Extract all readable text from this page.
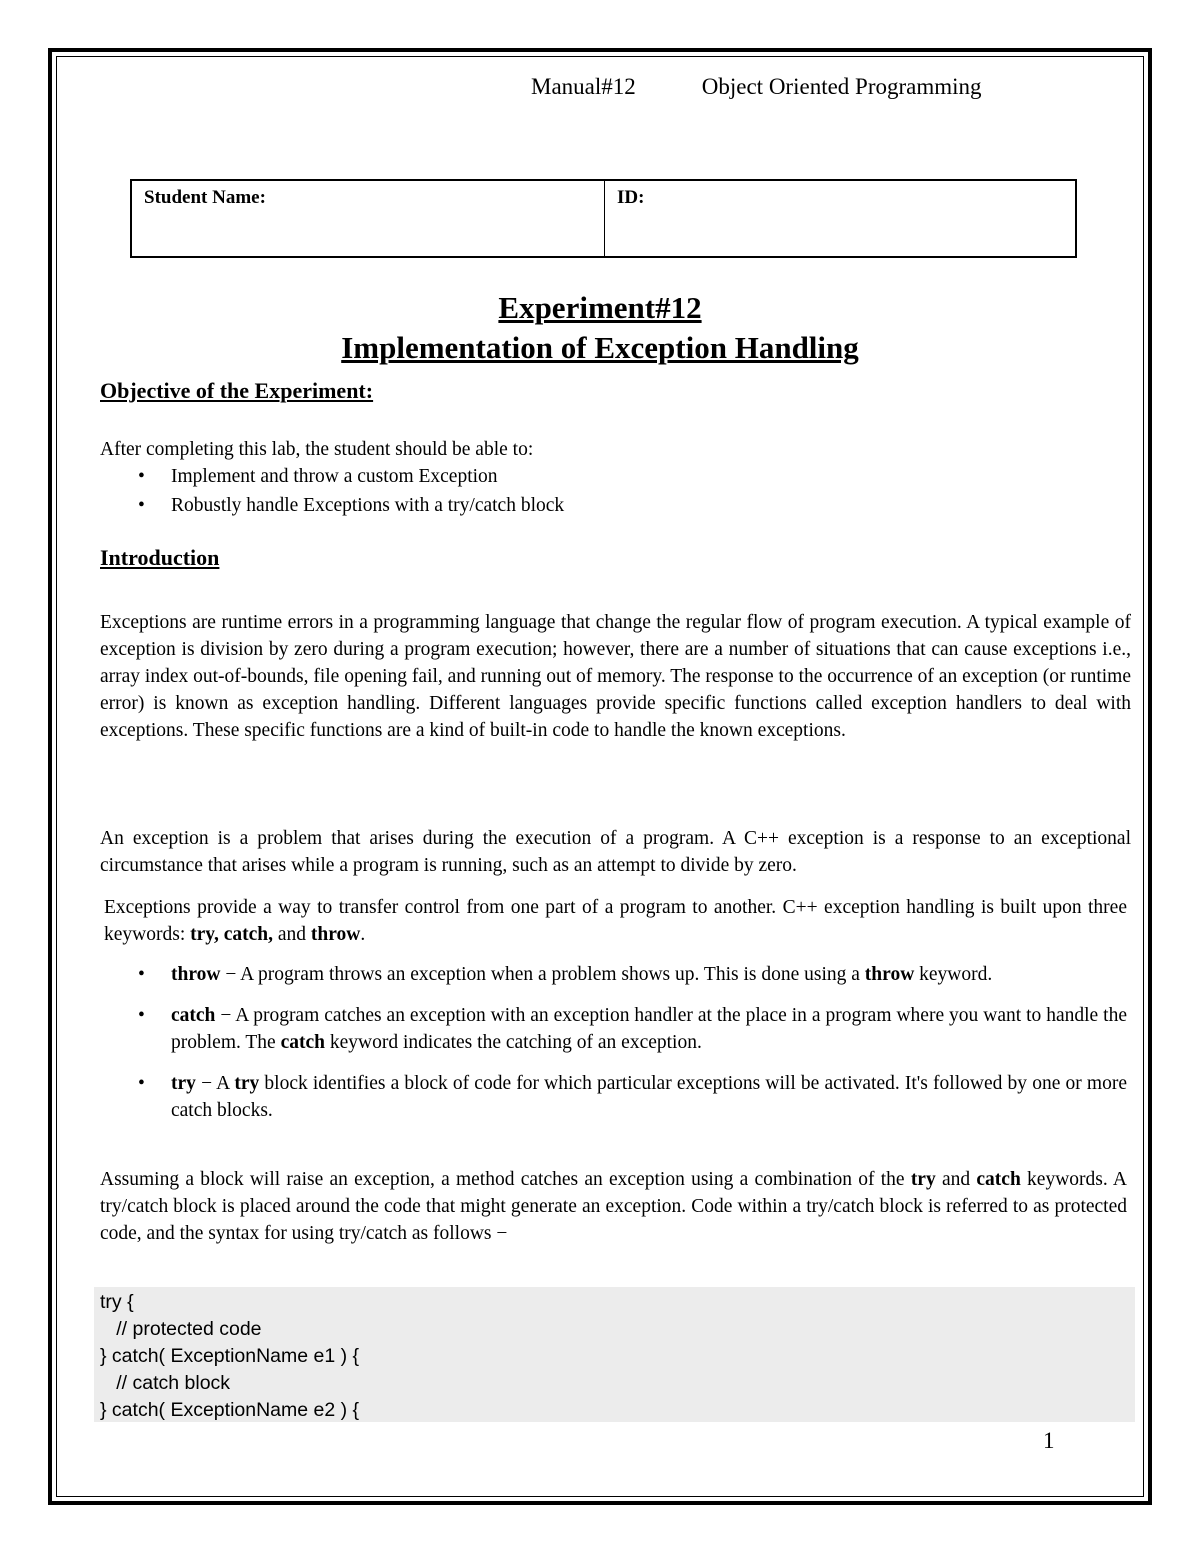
Manual#12	Object Oriented Programming
Student Name:	ID:
Experiment#12
Implementation of Exception Handling
Objective of the Experiment:
After completing this lab, the student should be able to:
• Implement and throw a custom Exception
• Robustly handle Exceptions with a try/catch block
Introduction
Exceptions are runtime errors in a programming language that change the regular flow of program execution. A typical example of exception is division by zero during a program execution; however, there are a number of situations that can cause exceptions i.e., array index out-of-bounds, file opening fail, and running out of memory. The response to the occurrence of an exception (or runtime error) is known as exception handling. Different languages provide specific functions called exception handlers to deal with exceptions. These specific functions are a kind of built-in code to handle the known exceptions.
An exception is a problem that arises during the execution of a program. A C++ exception is a response to an exceptional circumstance that arises while a program is running, such as an attempt to divide by zero.
Exceptions provide a way to transfer control from one part of a program to another. C++ exception handling is built upon three keywords: try, catch, and throw.
• throw − A program throws an exception when a problem shows up. This is done using a throw keyword.
• catch − A program catches an exception with an exception handler at the place in a program where you want to handle the problem. The catch keyword indicates the catching of an exception.
• try − A try block identifies a block of code for which particular exceptions will be activated. It's followed by one or more catch blocks.
Assuming a block will raise an exception, a method catches an exception using a combination of the try and catch keywords. A try/catch block is placed around the code that might generate an exception. Code within a try/catch block is referred to as protected code, and the syntax for using try/catch as follows −
try {
// protected code
} catch( ExceptionName e1 ) {
// catch block
} catch( ExceptionName e2 ) {
1
